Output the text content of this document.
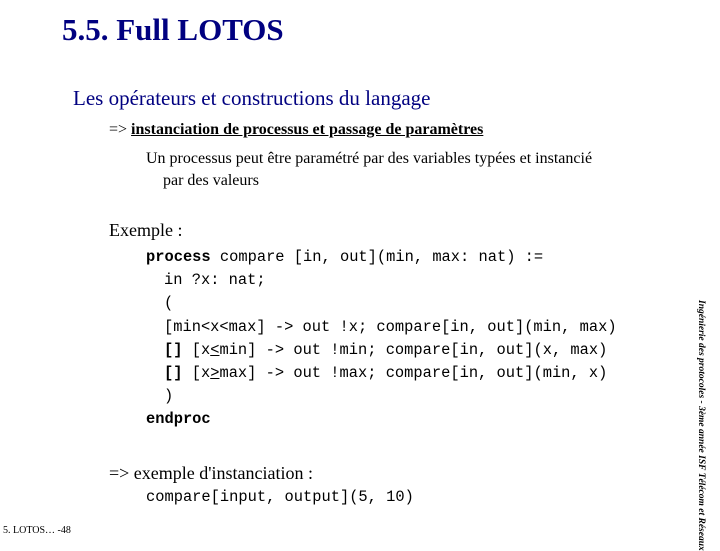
5.5. Full LOTOS
Les opérateurs et constructions du langage
=> instanciation de processus et passage de paramètres
Un processus peut être paramétré par des variables typées et instancié
par des valeurs
Exemple :
process compare [in, out](min, max: nat) :=
in ?x: nat;
(
[min<x<max] -> out !x; compare[in, out](min, max)
[] [x<min] -> out !min; compare[in, out](x, max)
[] [x>max] -> out !max; compare[in, out](min, x)
)
endproc
=> exemple d'instanciation :
compare[input, output](5, 10)
5. LOTOS… -48	Ingénierie des protocoles - 3ème année ISF Télécom et Réseaux
